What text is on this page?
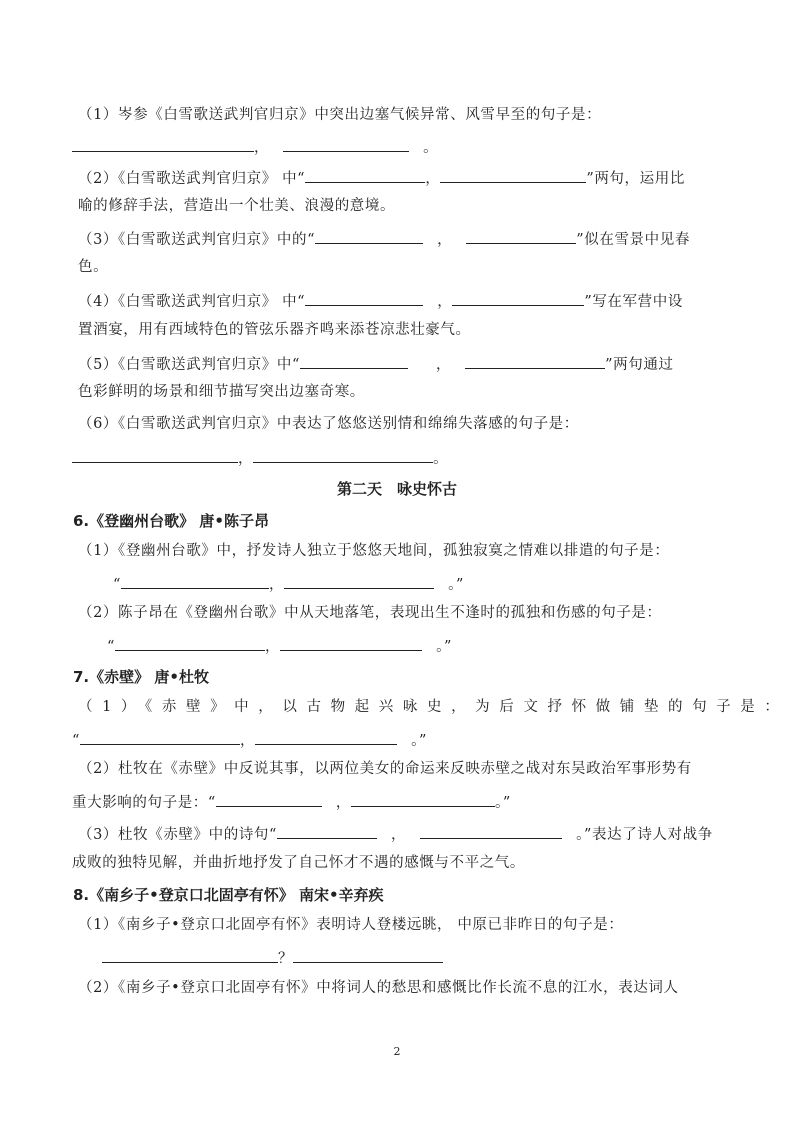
（1）岑参《白雪歌送武判官归京》中突出边塞气候异常、风雪早至的句子是：
，	。
（2）《白雪歌送武判官归京》 中“	，	”两句，运用比
喻的修辞手法，营造出一个壮美、浪漫的意境。
（3）《白雪歌送武判官归京》中的“	，	”似在雪景中见春
色。
（4）《白雪歌送武判官归京》 中“	，	”写在军营中设
置酒宴，用有西域特色的管弦乐器齐鸣来添苍凉悲壮豪气。
（5）《白雪歌送武判官归京》中“	，	”两句通过
色彩鲜明的场景和细节描写突出边塞奇寒。
（6）《白雪歌送武判官归京》中表达了悠悠送别情和绵绵失落感的句子是：
，	。
第二天　咏史怀古
6.《登幽州台歌》 唐•陈子昂
（1）《登幽州台歌》中，抒发诗人独立于悠悠天地间，孤独寂寞之情难以排遣的句子是：
“	，	。”
（2）陈子昂在《登幽州台歌》中从天地落笔，表现出生不逢时的孤独和伤感的句子是：
“	，	。”
7.《赤壁》 唐•杜牧
（1）《赤壁》中，以古物起兴咏史，为后文抒怀做铺垫的句子是：
“	，	。”
（2）杜牧在《赤壁》中反说其事，以两位美女的命运来反映赤壁之战对东吴政治军事形势有
重大影响的句子是：“	，	。”
（3）杜牧《赤壁》中的诗句“	，	。”表达了诗人对战争
成败的独特见解，并曲折地抒发了自己怀才不遇的感慨与不平之气。
8.《南乡子•登京口北固亭有怀》 南宋•辛弃疾
（1）《南乡子•登京口北固亭有怀》表明诗人登楼远眺， 中原已非昨日的句子是：
？
（2）《南乡子•登京口北固亭有怀》中将词人的愁思和感慨比作长流不息的江水，表达词人
2
